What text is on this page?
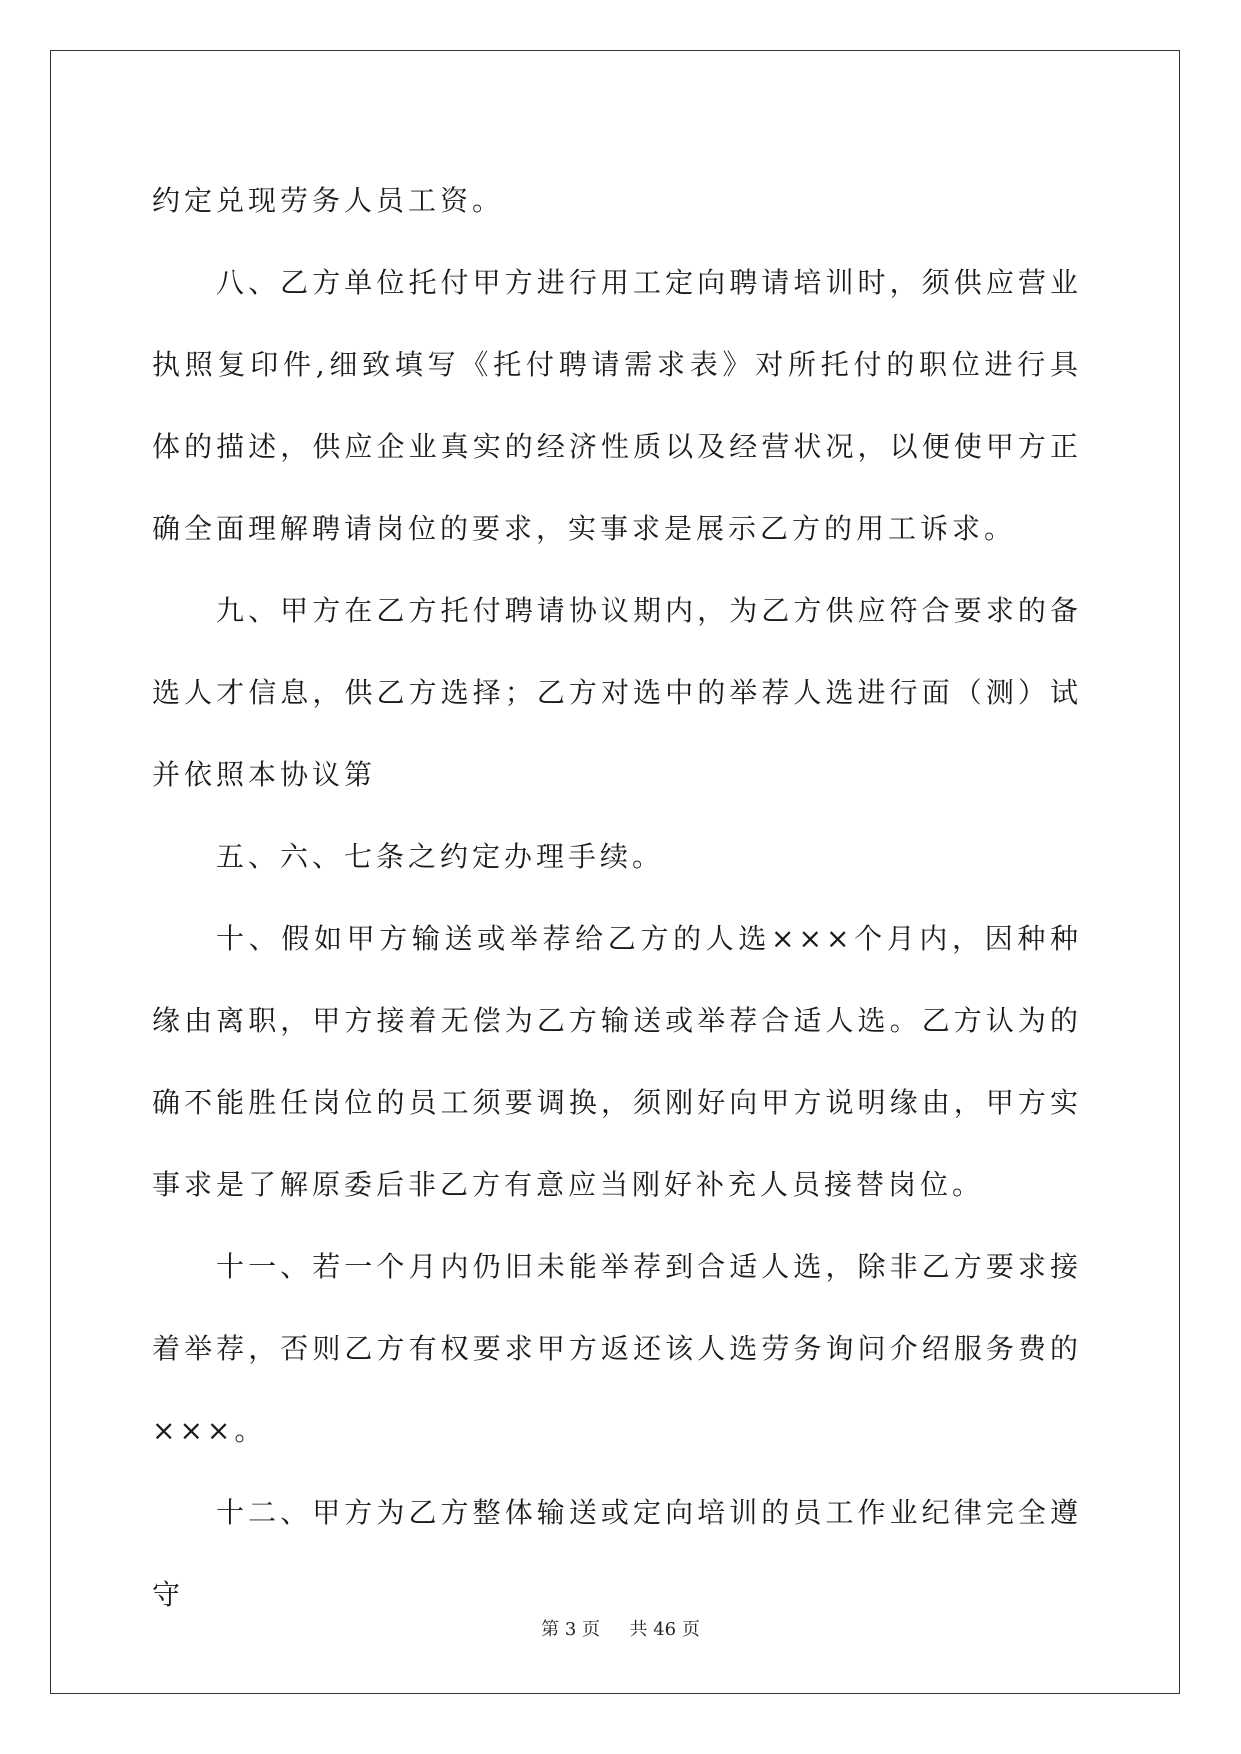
约定兑现劳务人员工资。

八、乙方单位托付甲方进行用工定向聘请培训时，须供应营业执照复印件,细致填写《托付聘请需求表》对所托付的职位进行具体的描述，供应企业真实的经济性质以及经营状况，以便使甲方正确全面理解聘请岗位的要求，实事求是展示乙方的用工诉求。

九、甲方在乙方托付聘请协议期内，为乙方供应符合要求的备选人才信息，供乙方选择；乙方对选中的举荐人选进行面（测）试并依照本协议第

五、六、七条之约定办理手续。

十、假如甲方输送或举荐给乙方的人选×××个月内，因种种缘由离职，甲方接着无偿为乙方输送或举荐合适人选。乙方认为的确不能胜任岗位的员工须要调换，须刚好向甲方说明缘由，甲方实事求是了解原委后非乙方有意应当刚好补充人员接替岗位。

十一、若一个月内仍旧未能举荐到合适人选，除非乙方要求接着举荐，否则乙方有权要求甲方返还该人选劳务询问介绍服务费的×××。

十二、甲方为乙方整体输送或定向培训的员工作业纪律完全遵守

第 3 页 共 46 页
